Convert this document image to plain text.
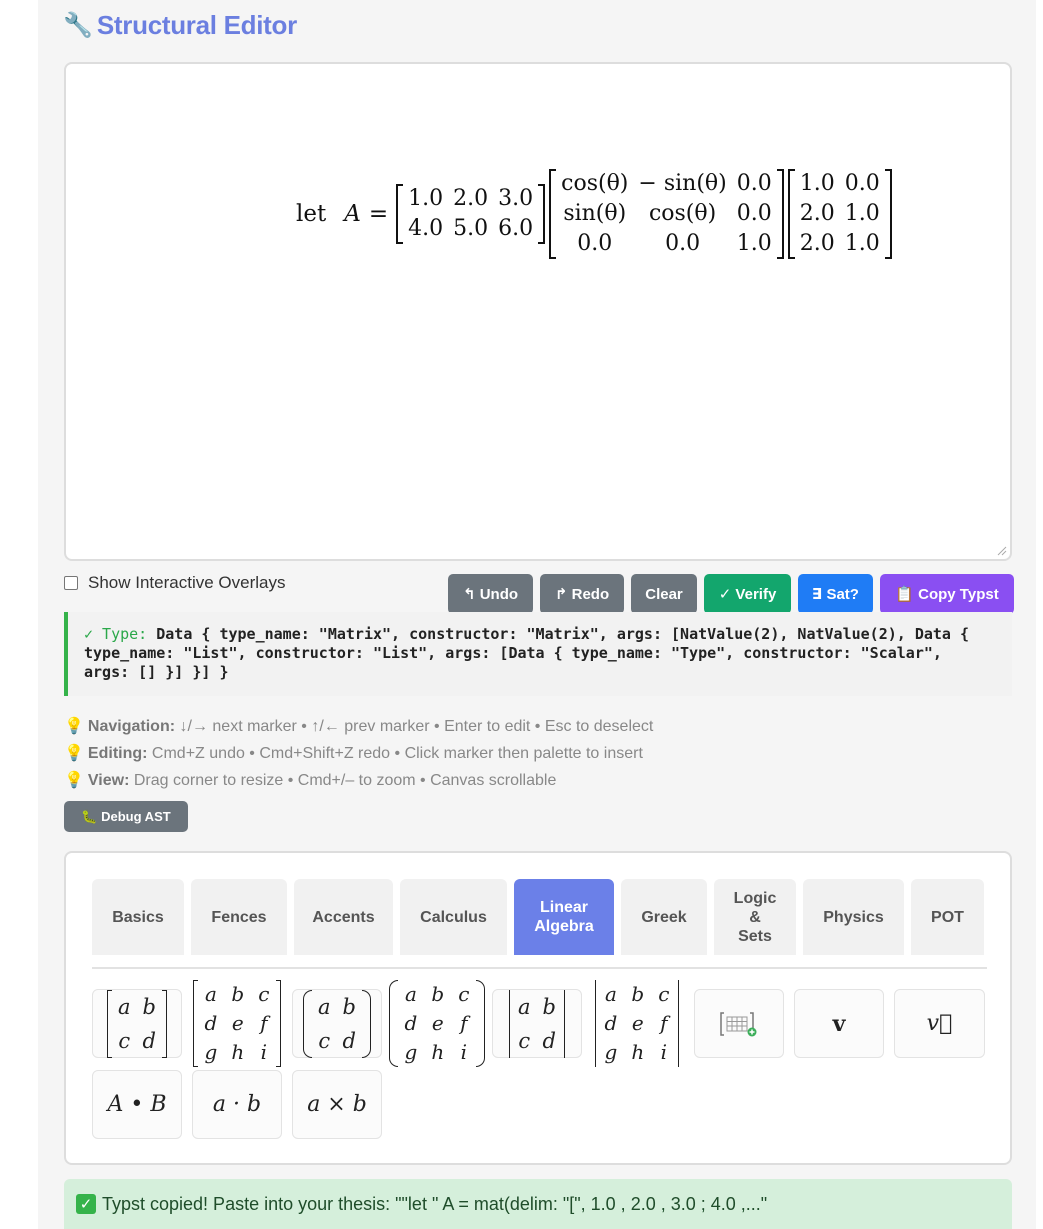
🔧 Structural Editor
let A =
1.0	2.0	3.0
4.0	5.0	6.0
cos(θ)	− sin(θ)	0.0
sin(θ)	cos(θ)	0.0
0.0	0.0	1.0
1.0	0.0
2.0	1.0
2.0	1.0
Show Interactive Overlays
↰ Undo	↱ Redo	Clear	✓ Verify	∃ Sat?	📋 Copy Typst
✓ Type: Data { type_name: "Matrix", constructor: "Matrix", args: [NatValue(2), NatValue(2), Data { type_name: "List", constructor: "List", args: [Data { type_name: "Type", constructor: "Scalar", args: [] }] }] }
💡 Navigation: ↓/→ next marker • ↑/← prev marker • Enter to edit • Esc to deselect
💡 Editing: Cmd+Z undo • Cmd+Shift+Z redo • Click marker then palette to insert
💡 View: Drag corner to resize • Cmd+/– to zoom • Canvas scrollable
🐛 Debug AST
Basics	Fences	Accents	Calculus
Linear Algebra
Greek
Logic & Sets
Physics	POT
a	b
c	d
a	b	c
d	e	f
g	h	i
a	b
c	d
a	b	c
d	e	f
g	h	i
a	b
c	d
a	b	c
d	e	f
g	h	i
v	v⃗
A • B a · b a × b
✓ Typst copied! Paste into your thesis: ""let " A = mat(delim: "[", 1.0 , 2.0 , 3.0 ; 4.0 ,..."
